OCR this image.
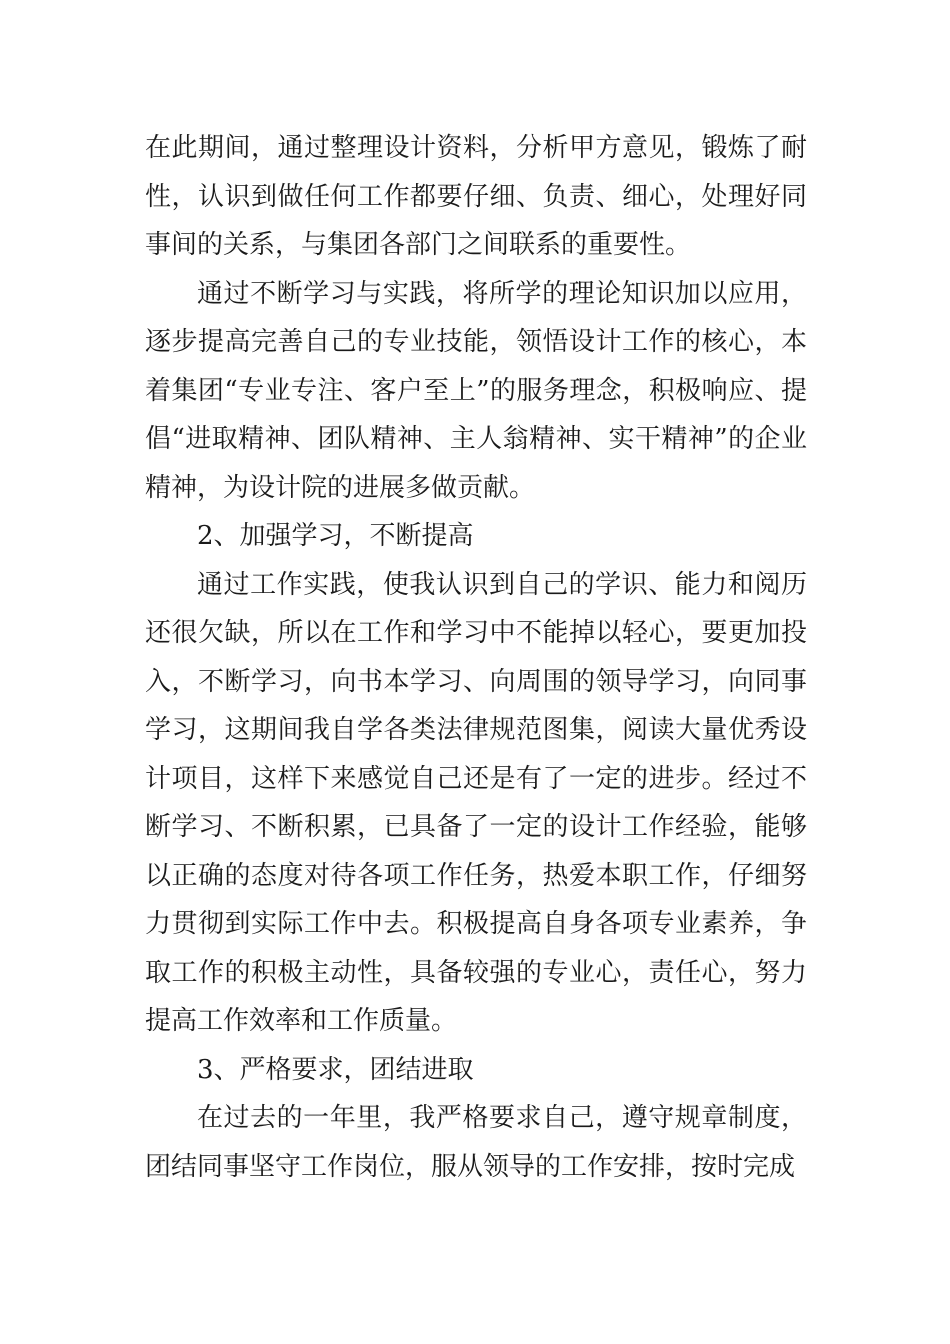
在此期间，通过整理设计资料，分析甲方意见，锻炼了耐性，认识到做任何工作都要仔细、负责、细心，处理好同事间的关系，与集团各部门之间联系的重要性。

通过不断学习与实践，将所学的理论知识加以应用，逐步提高完善自己的专业技能，领悟设计工作的核心，本着集团“专业专注、客户至上”的服务理念，积极响应、提倡“进取精神、团队精神、主人翁精神、实干精神”的企业精神，为设计院的进展多做贡献。

2、加强学习，不断提高

通过工作实践，使我认识到自己的学识、能力和阅历还很欠缺，所以在工作和学习中不能掉以轻心，要更加投入，不断学习，向书本学习、向周围的领导学习，向同事学习，这期间我自学各类法律规范图集，阅读大量优秀设计项目，这样下来感觉自己还是有了一定的进步。经过不断学习、不断积累，已具备了一定的设计工作经验，能够以正确的态度对待各项工作任务，热爱本职工作，仔细努力贯彻到实际工作中去。积极提高自身各项专业素养，争取工作的积极主动性，具备较强的专业心，责任心，努力提高工作效率和工作质量。

3、严格要求，团结进取

在过去的一年里，我严格要求自己，遵守规章制度，团结同事坚守工作岗位，服从领导的工作安排，按时完成
